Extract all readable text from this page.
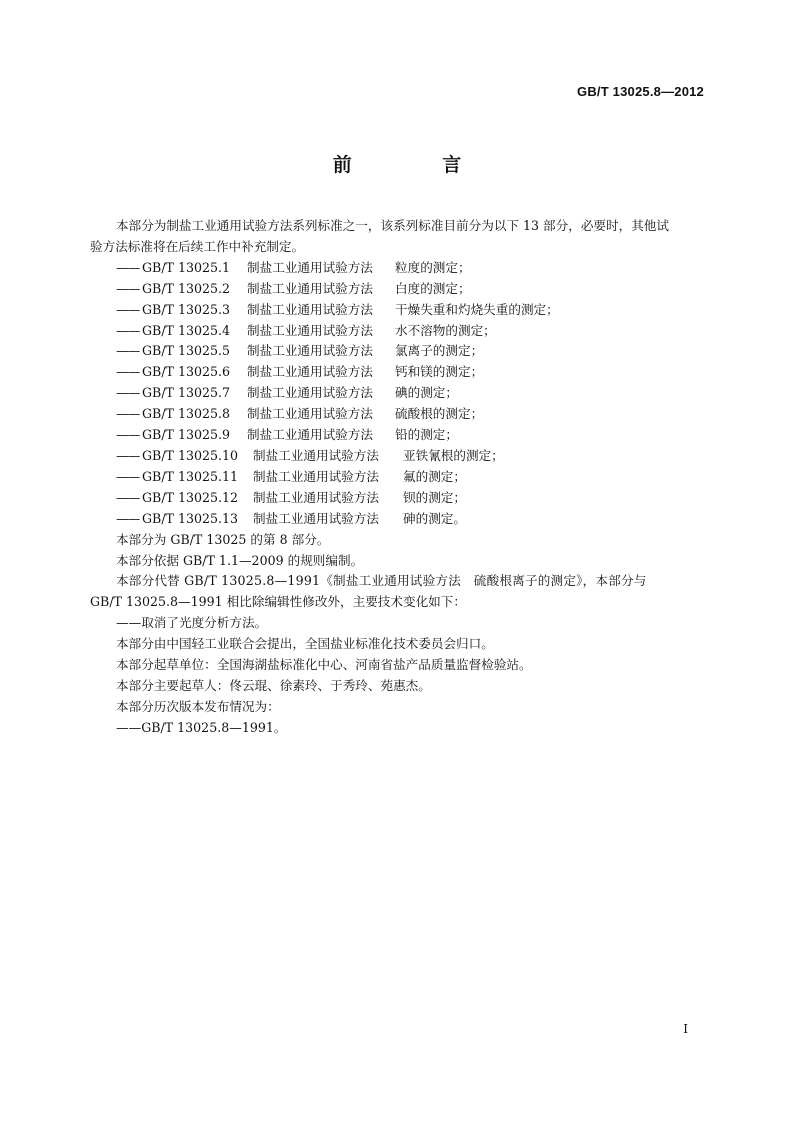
GB/T 13025.8—2012
前 言

本部分为制盐工业通用试验方法系列标准之一，该系列标准目前分为以下 13 部分，必要时，其他试

验方法标准将在后续工作中补充制定。

—— GB/T 13025.1 制盐工业通用试验方法 粒度的测定；

—— GB/T 13025.2 制盐工业通用试验方法 白度的测定；

—— GB/T 13025.3 制盐工业通用试验方法 干燥失重和灼烧失重的测定；

—— GB/T 13025.4 制盐工业通用试验方法 水不溶物的测定；

—— GB/T 13025.5 制盐工业通用试验方法 氯离子的测定；

—— GB/T 13025.6 制盐工业通用试验方法 钙和镁的测定；

—— GB/T 13025.7 制盐工业通用试验方法 碘的测定；

—— GB/T 13025.8 制盐工业通用试验方法 硫酸根的测定；

—— GB/T 13025.9 制盐工业通用试验方法 铅的测定；

—— GB/T 13025.10 制盐工业通用试验方法 亚铁氰根的测定；

—— GB/T 13025.11 制盐工业通用试验方法 氟的测定；

—— GB/T 13025.12 制盐工业通用试验方法 钡的测定；

—— GB/T 13025.13 制盐工业通用试验方法 砷的测定。

本部分为 GB/T 13025 的第 8 部分。

本部分依据 GB/T 1.1—2009 的规则编制。

本部分代替 GB/T 13025.8—1991《制盐工业通用试验方法　硫酸根离子的测定》，本部分与

GB/T 13025.8—1991 相比除编辑性修改外，主要技术变化如下：

——取消了光度分析方法。

本部分由中国轻工业联合会提出，全国盐业标准化技术委员会归口。

本部分起草单位：全国海湖盐标准化中心、河南省盐产品质量监督检验站。

本部分主要起草人：佟云琨、徐素玲、于秀玲、苑惠杰。

本部分历次版本发布情况为：

——GB/T 13025.8—1991。

I
